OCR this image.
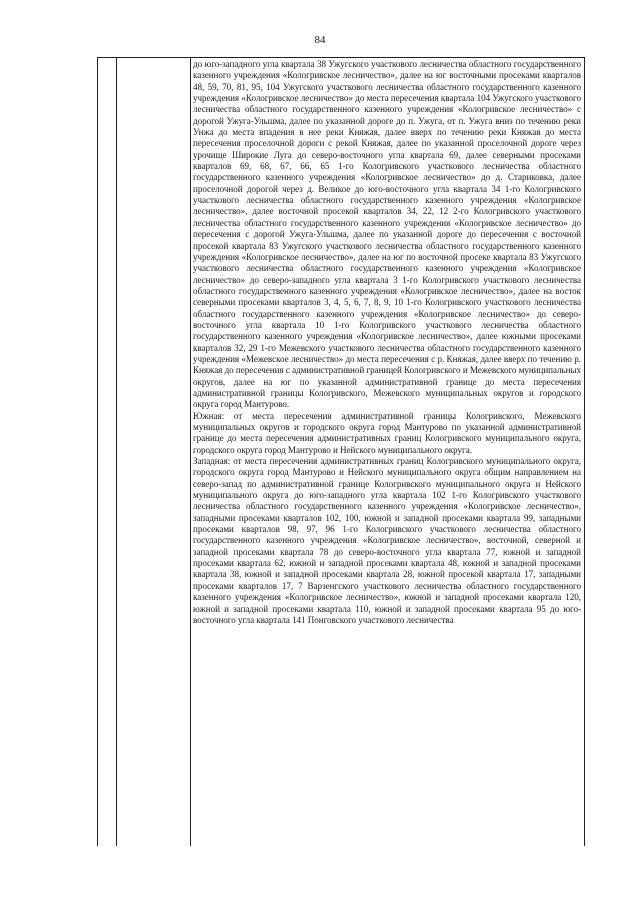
84

до юго-западного угла квартала 38 Ужугского участкового лесничества областного государственного казенного учреждения «Кологривское лесничество», далее на юг восточными просеками кварталов 48, 59, 70, 81, 95, 104 Ужугского участкового лесничества областного государственного казенного учреждения «Кологривское лесничество» до места пересечения квартала 104 Ужугского участкового лесничества областного государственного казенного учреждения «Кологривское лесничество» с дорогой Ужуга-Ульшма, далее по указанной дороге до п. Ужуга, от п. Ужуга вниз по течению реки Унжа до места впадения в нее реки Княжая, далее вверх по течению реки Княжая до места пересечения проселочной дороги с рекой Княжая, далее по указанной проселочной дороге через урочище Широкие Луга до северо-восточного угла квартала 69, далее северными просеками кварталов 69, 68, 67, 66, 65 1-го Кологривского участкового лесничества областного государственного казенного учреждения «Кологривское лесничество» до д. Стариковка, далее проселочной дорогой через д. Великое до юго-восточного угла квартала 34 1-го Кологривского участкового лесничества областного государственного казенного учреждения «Кологривское лесничество», далее восточной просекой кварталов 34, 22, 12 2-го Кологривского участкового лесничества областного государственного казенного учреждения «Кологривское лесничество» до пересечения с дорогой Ужуга-Ульшма, далее по указанной дороге до пересечения с восточной просекой квартала 83 Ужугского участкового лесничества областного государственного казенного учреждения «Кологривское лесничество», далее на юг по восточной просеке квартала 83 Ужугского участкового лесничества областного государственного казенного учреждения «Кологривское лесничество» до северо-западного угла квартала 3 1-го Кологривского участкового лесничества областного государственного казенного учреждения «Кологривское лесничество», далее на восток северными просеками кварталов 3, 4, 5, 6, 7, 8, 9, 10 1-го Кологривского участкового лесничества областного государственного казенного учреждения «Кологривское лесничество» до северо-восточного угла квартала 10 1-го Кологривского участкового лесничества областного государственного казенного учреждения «Кологривское лесничество», далее южными просеками кварталов 32, 29 1-го Межевского участкового лесничества областного государственного казенного учреждения «Межевское лесничество» до места пересечения с р. Княжая, далее вверх по течению р. Княжая до пересечения с административной границей Кологривского и Межевского муниципальных округов, далее на юг по указанной административной границе до места пересечения административной границы Кологривского, Межевского муниципальных округов и городского округа город Мантурово.

Южная: от места пересечения административной границы Кологривского, Межевского муниципальных округов и городского округа город Мантурово по указанной административной границе до места пересечения административных границ Кологривского муниципального округа, городского округа город Мантурово и Нейского муниципального округа.

Западная: от места пересечения административных границ Кологривского муниципального округа, городского округа город Мантурово и Нейского муниципального округа общим направлением на северо-запад по административной границе Кологривского муниципального округа и Нейского муниципального округа до юго-западного угла квартала 102 1-го Кологривского участкового лесничества областного государственного казенного учреждения «Кологривское лесничество», западными просеками кварталов 102, 100, южной и западной просеками квартала 99, западными просеками кварталов 98, 97, 96 1-го Кологривского участкового лесничества областного государственного казенного учреждения «Кологривское лесничество», восточной, северной и западной просеками квартала 78 до северо-восточного угла квартала 77, южной и западной просеками квартала 62, южной и западной просеками квартала 48, южной и западной просеками квартала 38, южной и западной просеками квартала 28, южной просекой квартала 17, западными просеками кварталов 17, 7 Варзенгского участкового лесничества областного государственного казенного учреждения «Кологривское лесничество», южной и западной просеками квартала 120, южной и западной просеками квартала 110, южной и западной просеками квартала 95 до юго-восточного угла квартала 141 Понговского участкового лесничества
